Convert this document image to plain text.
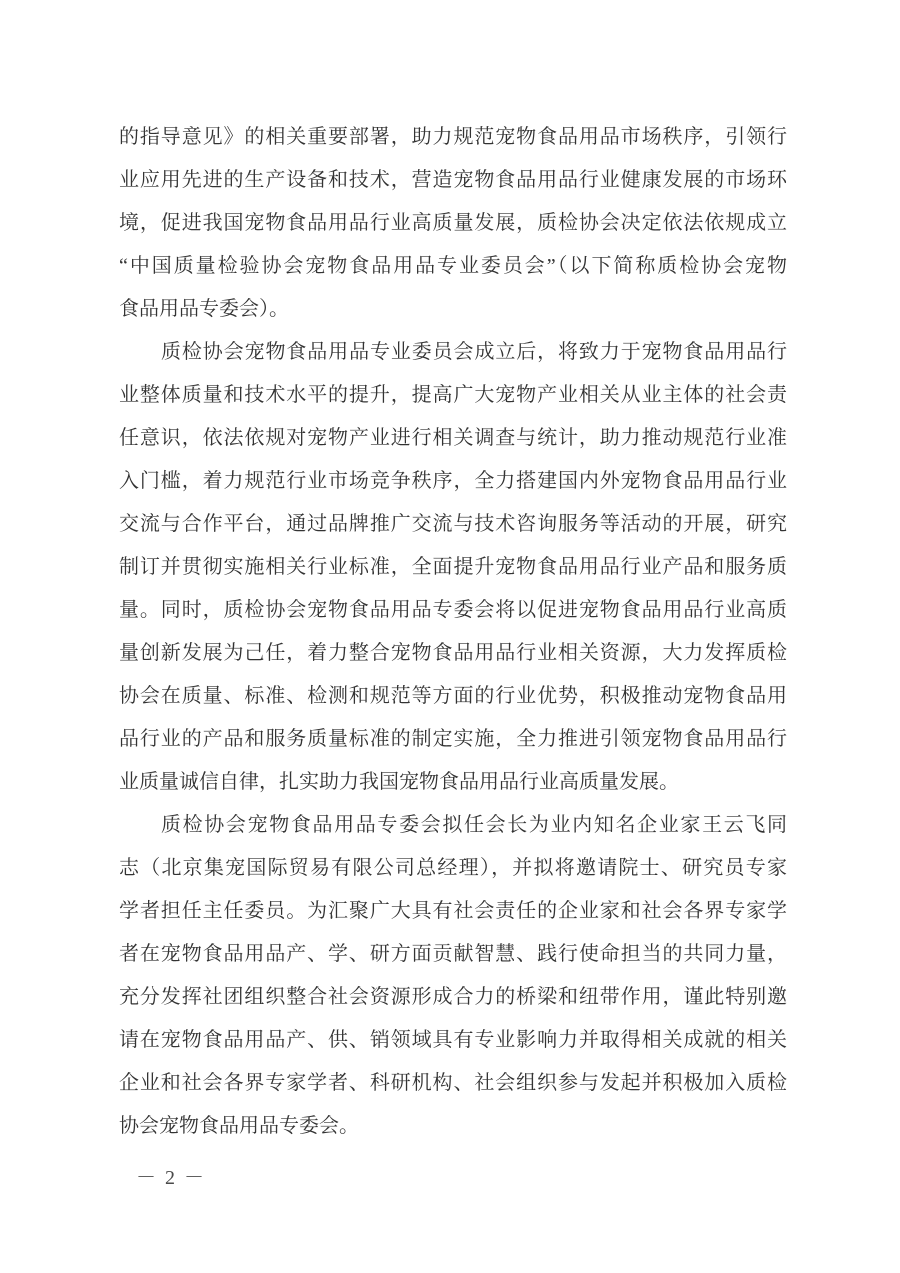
的指导意见》的相关重要部署，助力规范宠物食品用品市场秩序，引领行
业应用先进的生产设备和技术，营造宠物食品用品行业健康发展的市场环
境，促进我国宠物食品用品行业高质量发展，质检协会决定依法依规成立
“中国质量检验协会宠物食品用品专业委员会”（以下简称质检协会宠物
食品用品专委会）。

质检协会宠物食品用品专业委员会成立后，将致力于宠物食品用品行
业整体质量和技术水平的提升，提高广大宠物产业相关从业主体的社会责
任意识，依法依规对宠物产业进行相关调查与统计，助力推动规范行业准
入门槛，着力规范行业市场竞争秩序，全力搭建国内外宠物食品用品行业
交流与合作平台，通过品牌推广交流与技术咨询服务等活动的开展，研究
制订并贯彻实施相关行业标准，全面提升宠物食品用品行业产品和服务质
量。同时，质检协会宠物食品用品专委会将以促进宠物食品用品行业高质
量创新发展为己任，着力整合宠物食品用品行业相关资源，大力发挥质检
协会在质量、标准、检测和规范等方面的行业优势，积极推动宠物食品用
品行业的产品和服务质量标准的制定实施，全力推进引领宠物食品用品行
业质量诚信自律，扎实助力我国宠物食品用品行业高质量发展。

质检协会宠物食品用品专委会拟任会长为业内知名企业家王云飞同
志（北京集宠国际贸易有限公司总经理），并拟将邀请院士、研究员专家
学者担任主任委员。为汇聚广大具有社会责任的企业家和社会各界专家学
者在宠物食品用品产、学、研方面贡献智慧、践行使命担当的共同力量，
充分发挥社团组织整合社会资源形成合力的桥梁和纽带作用，谨此特别邀
请在宠物食品用品产、供、销领域具有专业影响力并取得相关成就的相关
企业和社会各界专家学者、科研机构、社会组织参与发起并积极加入质检
协会宠物食品用品专委会。

－ 2 －
